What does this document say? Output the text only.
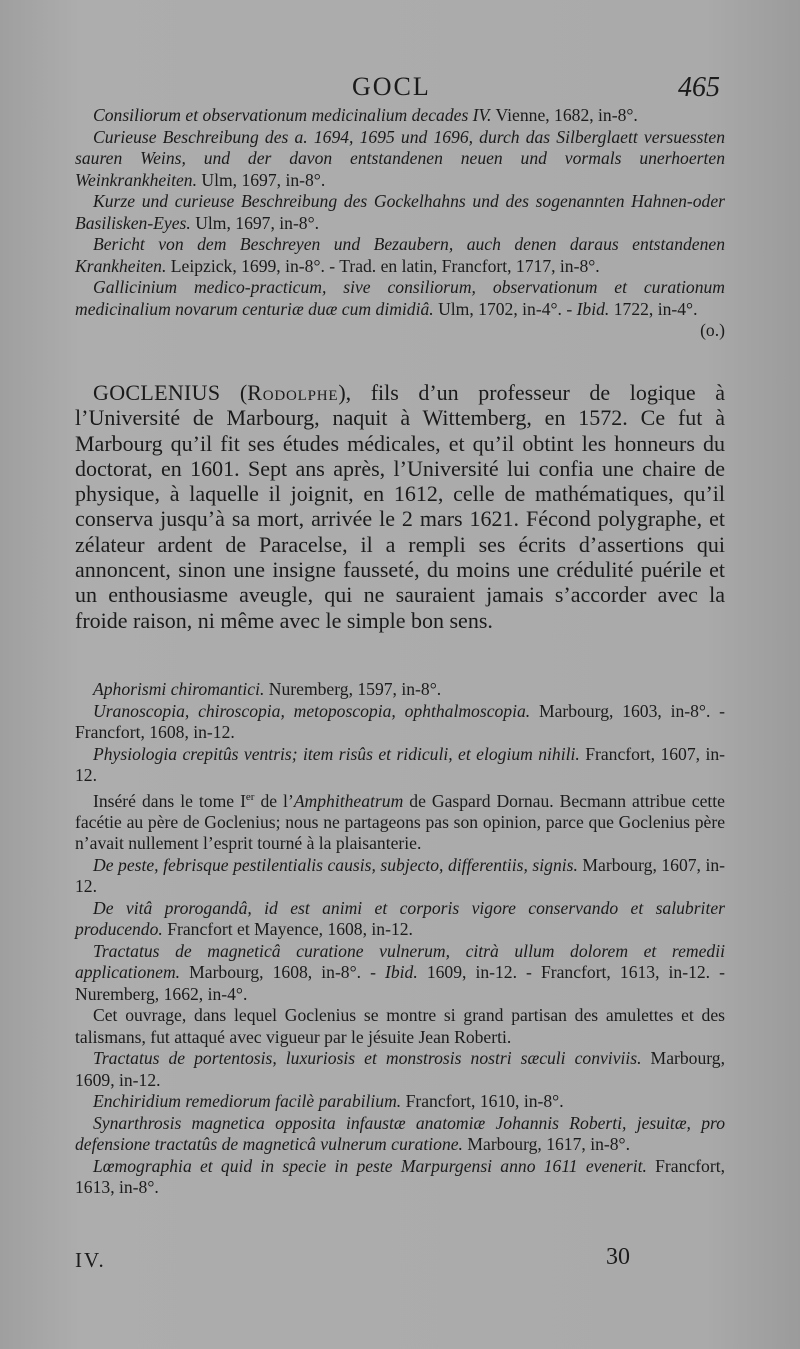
GOCL	465

Consiliorum et observationum medicinalium decades IV. Vienne, 1682, in-8°.

Curieuse Beschreibung des a. 1694, 1695 und 1696, durch das Silberglaett versuessten sauren Weins, und der davon entstandenen neuen und vormals unerhoerten Weinkrankheiten. Ulm, 1697, in-8°.

Kurze und curieuse Beschreibung des Gockelhahns und des sogenannten Hahnen-oder Basilisken-Eyes. Ulm, 1697, in-8°.

Bericht von dem Beschreyen und Bezaubern, auch denen daraus entstandenen Krankheiten. Leipzick, 1699, in-8°. - Trad. en latin, Francfort, 1717, in-8°.

Gallicinium medico-practicum, sive consiliorum, observationum et curationum medicinalium novarum centuriæ duæ cum dimidiâ. Ulm, 1702, in-4°. - Ibid. 1722, in-4°.
(o.)

GOCLENIUS (Rodolphe), fils d’un professeur de logique à l’Université de Marbourg, naquit à Wittemberg, en 1572. Ce fut à Marbourg qu’il fit ses études médicales, et qu’il obtint les honneurs du doctorat, en 1601. Sept ans après, l’Université lui confia une chaire de physique, à laquelle il joignit, en 1612, celle de mathématiques, qu’il conserva jusqu’à sa mort, arrivée le 2 mars 1621. Fécond polygraphe, et zélateur ardent de Paracelse, il a rempli ses écrits d’assertions qui annoncent, sinon une insigne fausseté, du moins une crédulité puérile et un enthousiasme aveugle, qui ne sauraient jamais s’accorder avec la froide raison, ni même avec le simple bon sens.

Aphorismi chiromantici. Nuremberg, 1597, in-8°.

Uranoscopia, chiroscopia, metoposcopia, ophthalmoscopia. Marbourg, 1603, in-8°. - Francfort, 1608, in-12.

Physiologia crepitûs ventris; item risûs et ridiculi, et elogium nihili. Francfort, 1607, in-12.

Inséré dans le tome Ier de l’Amphitheatrum de Gaspard Dornau. Becmann attribue cette facétie au père de Goclenius; nous ne partageons pas son opinion, parce que Goclenius père n’avait nullement l’esprit tourné à la plaisanterie.

De peste, febrisque pestilentialis causis, subjecto, differentiis, signis. Marbourg, 1607, in-12.

De vitâ prorogandâ, id est animi et corporis vigore conservando et salubriter producendo. Francfort et Mayence, 1608, in-12.

Tractatus de magneticâ curatione vulnerum, citrà ullum dolorem et remedii applicationem. Marbourg, 1608, in-8°. - Ibid. 1609, in-12. - Francfort, 1613, in-12. - Nuremberg, 1662, in-4°.

Cet ouvrage, dans lequel Goclenius se montre si grand partisan des amulettes et des talismans, fut attaqué avec vigueur par le jésuite Jean Roberti.

Tractatus de portentosis, luxuriosis et monstrosis nostri sæculi conviviis. Marbourg, 1609, in-12.

Enchiridium remediorum facilè parabilium. Francfort, 1610, in-8°.

Synarthrosis magnetica opposita infaustæ anatomiæ Johannis Roberti, jesuitæ, pro defensione tractatûs de magneticâ vulnerum curatione. Marbourg, 1617, in-8°.

Lœmographia et quid in specie in peste Marpurgensi anno 1611 evenerit. Francfort, 1613, in-8°.

IV.	30
